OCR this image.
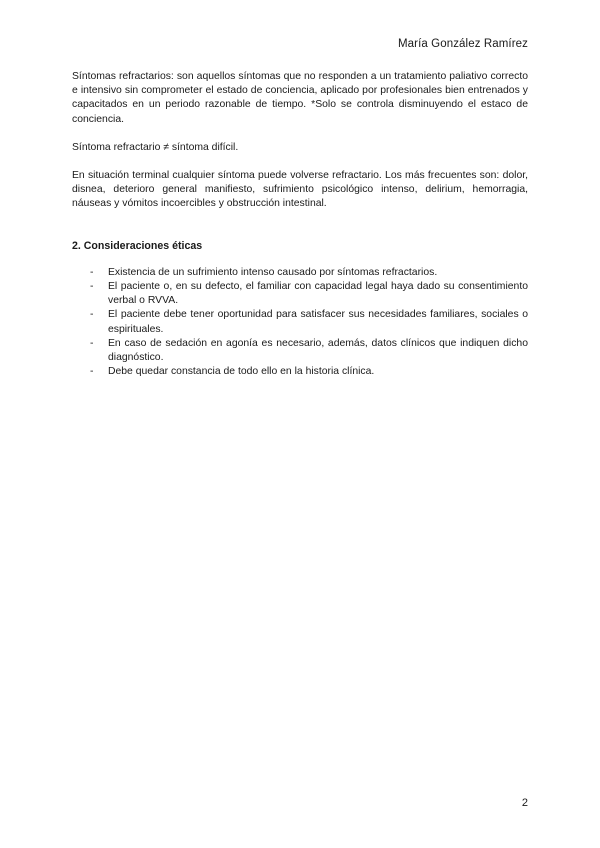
María González Ramírez

Síntomas refractarios: son aquellos síntomas que no responden a un tratamiento paliativo correcto e intensivo sin comprometer el estado de conciencia, aplicado por profesionales bien entrenados y capacitados en un periodo razonable de tiempo. *Solo se controla disminuyendo el estaco de conciencia.

Síntoma refractario ≠ síntoma difícil.

En situación terminal cualquier síntoma puede volverse refractario. Los más frecuentes son: dolor, disnea, deterioro general manifiesto, sufrimiento psicológico intenso, delirium, hemorragia, náuseas y vómitos incoercibles y obstrucción intestinal.

2. Consideraciones éticas

- Existencia de un sufrimiento intenso causado por síntomas refractarios.
- El paciente o, en su defecto, el familiar con capacidad legal haya dado su consentimiento verbal o RVVA.
- El paciente debe tener oportunidad para satisfacer sus necesidades familiares, sociales o espirituales.
- En caso de sedación en agonía es necesario, además, datos clínicos que indiquen dicho diagnóstico.
- Debe quedar constancia de todo ello en la historia clínica.
2
